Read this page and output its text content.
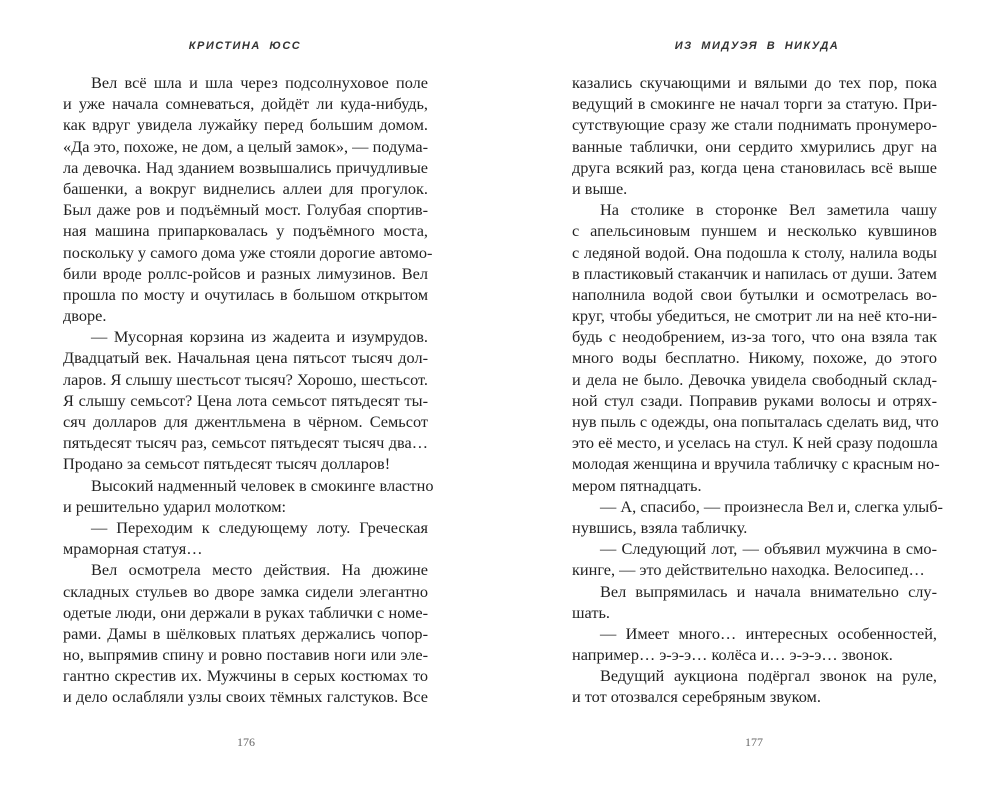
КРИСТИНА ЮСС
Вел всё шла и шла через подсолнуховое поле
и уже начала сомневаться, дойдёт ли куда-нибудь,
как вдруг увидела лужайку перед большим домом.
«Да это, похоже, не дом, а целый замок», — подума-
ла девочка. Над зданием возвышались причудливые
башенки, а вокруг виднелись аллеи для прогулок.
Был даже ров и подъёмный мост. Голубая спортив-
ная машина припарковалась у подъёмного моста,
поскольку у самого дома уже стояли дорогие автомо-
били вроде роллс-ройсов и разных лимузинов. Вел
прошла по мосту и очутилась в большом открытом
дворе.
— Мусорная корзина из жадеита и изумрудов.
Двадцатый век. Начальная цена пятьсот тысяч дол-
ларов. Я слышу шестьсот тысяч? Хорошо, шестьсот.
Я слышу семьсот? Цена лота семьсот пятьдесят ты-
сяч долларов для джентльмена в чёрном. Семьсот
пятьдесят тысяч раз, семьсот пятьдесят тысяч два…
Продано за семьсот пятьдесят тысяч долларов!
Высокий надменный человек в смокинге властно
и решительно ударил молотком:
— Переходим к следующему лоту. Греческая
мраморная статуя…
Вел осмотрела место действия. На дюжине
складных стульев во дворе замка сидели элегантно
одетые люди, они держали в руках таблички с номе-
рами. Дамы в шёлковых платьях держались чопор-
но, выпрямив спину и ровно поставив ноги или эле-
гантно скрестив их. Мужчины в серых костюмах то
и дело ослабляли узлы своих тёмных галстуков. Все
176
ИЗ МИДУЭЯ В НИКУДА
казались скучающими и вялыми до тех пор, пока
ведущий в смокинге не начал торги за статую. При-
сутствующие сразу же стали поднимать пронумеро-
ванные таблички, они сердито хмурились друг на
друга всякий раз, когда цена становилась всё выше
и выше.
На столике в сторонке Вел заметила чашу
с апельсиновым пуншем и несколько кувшинов
с ледяной водой. Она подошла к столу, налила воды
в пластиковый стаканчик и напилась от души. Затем
наполнила водой свои бутылки и осмотрелась во-
круг, чтобы убедиться, не смотрит ли на неё кто-ни-
будь с неодобрением, из-за того, что она взяла так
много воды бесплатно. Никому, похоже, до этого
и дела не было. Девочка увидела свободный склад-
ной стул сзади. Поправив руками волосы и отрях-
нув пыль с одежды, она попыталась сделать вид, что
это её место, и уселась на стул. К ней сразу подошла
молодая женщина и вручила табличку с красным но-
мером пятнадцать.
— А, спасибо, — произнесла Вел и, слегка улыб-
нувшись, взяла табличку.
— Следующий лот, — объявил мужчина в смо-
кинге, — это действительно находка. Велосипед…
Вел выпрямилась и начала внимательно слу-
шать.
— Имеет много… интересных особенностей,
например… э-э-э… колёса и… э-э-э… звонок.
Ведущий аукциона подёргал звонок на руле,
и тот отозвался серебряным звуком.
177
